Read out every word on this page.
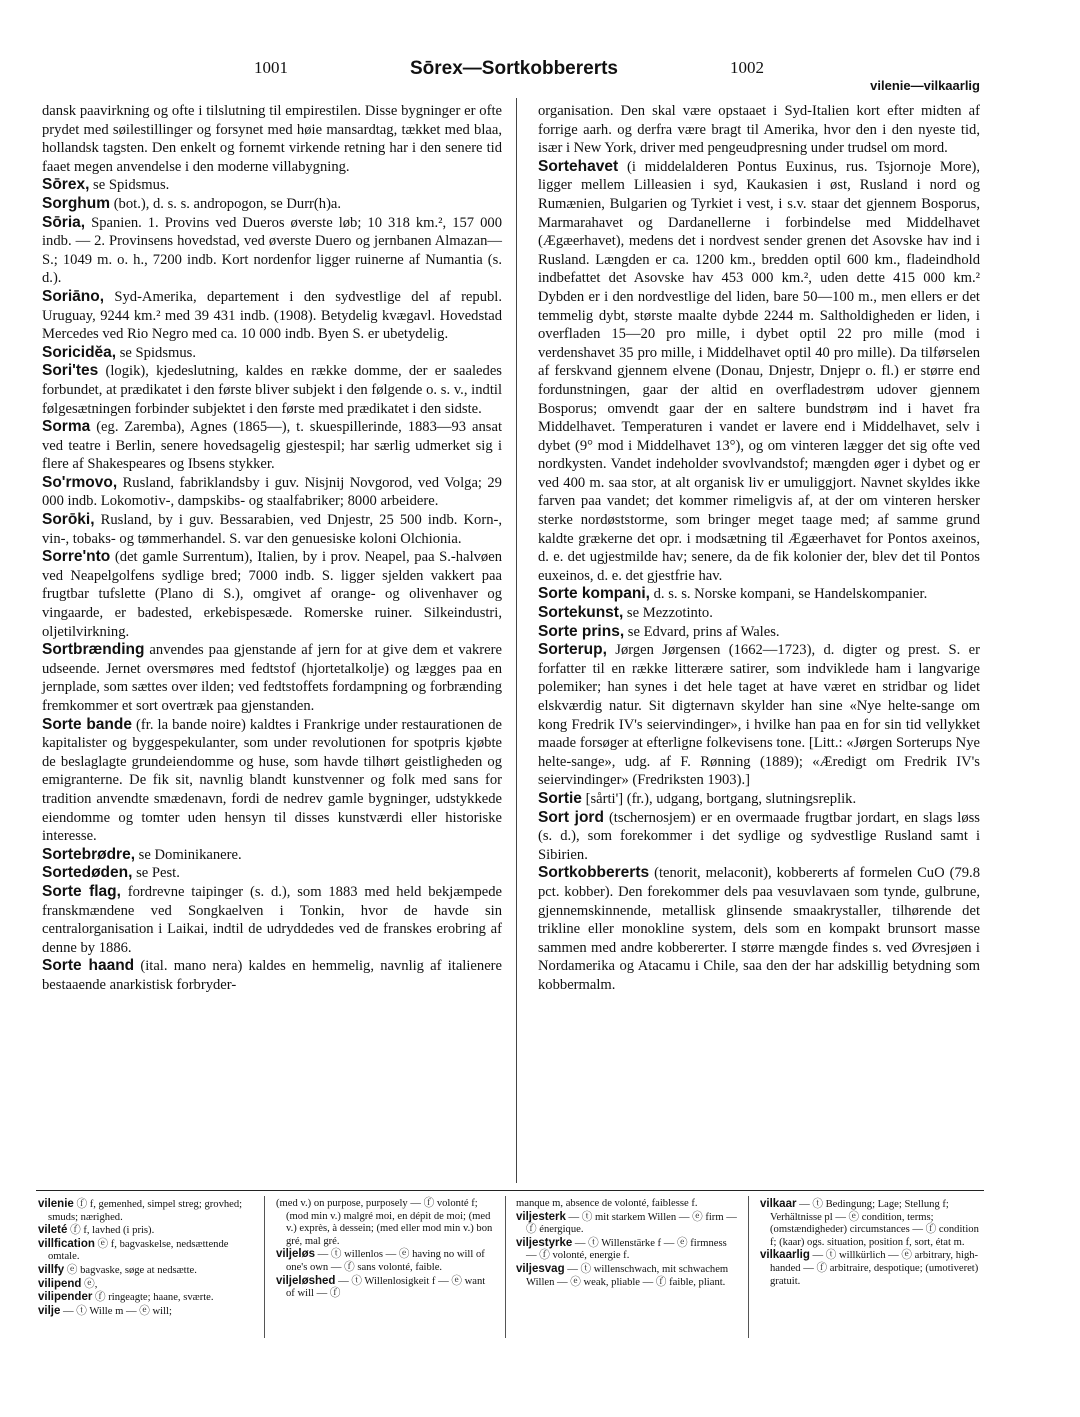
1001	Sōrex—Sortkobbererts	1002
vilenie—vilkaarlig

dansk paavirkning og ofte i tilslutning til empirestilen. Disse bygninger er ofte prydet med søilestillinger og forsynet med høie mansardtag, tækket med blaa, hollandsk tagsten. Den enkelt og fornemt virkende retning har i den senere tid faaet megen anvendelse i den moderne villabygning.

Sōrex, se Spidsmus.

Sorghum (bot.), d. s. s. andropogon, se Durr(h)a.

Sōria, Spanien. 1. Provins ved Dueros øverste løb; 10 318 km.², 157 000 indb. — 2. Provinsens hovedstad, ved øverste Duero og jernbanen Almazan—S.; 1049 m. o. h., 7200 indb. Kort nordenfor ligger ruinerne af Numantia (s. d.).

Soriāno, Syd-Amerika, departement i den sydvestlige del af republ. Uruguay, 9244 km.² med 39 431 indb. (1908). Betydelig kvægavl. Hovedstad Mercedes ved Rio Negro med ca. 10 000 indb. Byen S. er ubetydelig.

Soricidĕa, se Spidsmus.

Sori'tes (logik), kjedeslutning, kaldes en række domme, der er saaledes forbundet, at prædikatet i den første bliver subjekt i den følgende o. s. v., indtil følgesætningen forbinder subjektet i den første med prædikatet i den sidste.

Sorma (eg. Zaremba), Agnes (1865—), t. skuespillerinde, 1883—93 ansat ved teatre i Berlin, senere hovedsagelig gjestespil; har særlig udmerket sig i flere af Shakespeares og Ibsens stykker.

So'rmovo, Rusland, fabriklandsby i guv. Nisjnij Novgorod, ved Volga; 29 000 indb. Lokomotiv-, dampskibs- og staalfabriker; 8000 arbeidere.

Sorōki, Rusland, by i guv. Bessarabien, ved Dnjestr, 25 500 indb. Korn-, vin-, tobaks- og tømmerhandel. S. var den genuesiske koloni Olchionia.

Sorre'nto (det gamle Surrentum), Italien, by i prov. Neapel, paa S.-halvøen ved Neapelgolfens sydlige bred; 7000 indb. S. ligger sjelden vakkert paa frugtbar tufslette (Plano di S.), omgivet af orange- og olivenhaver og vingaarde, er badested, erkebispesæde. Romerske ruiner. Silkeindustri, oljetilvirkning.

Sortbrænding anvendes paa gjenstande af jern for at give dem et vakrere udseende. Jernet oversmøres med fedtstof (hjortetalkolje) og lægges paa en jernplade, som sættes over ilden; ved fedtstoffets fordampning og forbrænding fremkommer et sort overtræk paa gjenstanden.

Sorte bande (fr. la bande noire) kaldtes i Frankrige under restaurationen de kapitalister og byggespekulanter, som under revolutionen for spotpris kjøbte de beslaglagte grundeiendomme og huse, som havde tilhørt geistligheden og emigranterne. De fik sit, navnlig blandt kunstvenner og folk med sans for tradition anvendte smædenavn, fordi de nedrev gamle bygninger, udstykkede eiendomme og tomter uden hensyn til disses kunstværdi eller historiske interesse.

Sortebrødre, se Dominikanere.

Sortedøden, se Pest.

Sorte flag, fordrevne taipinger (s. d.), som 1883 med held bekjæmpede franskmændene ved Songkaelven i Tonkin, hvor de havde sin centralorganisation i Laikai, indtil de udryddedes ved de franskes erobring af denne by 1886.

Sorte haand (ital. mano nera) kaldes en hemmelig, navnlig af italienere bestaaende anarkistisk forbryder-

organisation. Den skal være opstaaet i Syd-Italien kort efter midten af forrige aarh. og derfra være bragt til Amerika, hvor den i den nyeste tid, især i New York, driver med pengeudpresning under trudsel om mord.

Sortehavet (i middelalderen Pontus Euxinus, rus. Tsjornoje More), ligger mellem Lilleasien i syd, Kaukasien i øst, Rusland i nord og Rumænien, Bulgarien og Tyrkiet i vest, i s.v. staar det gjennem Bosporus, Marmarahavet og Dardanellerne i forbindelse med Middelhavet (Ægæerhavet), medens det i nordvest sender grenen det Asovske hav ind i Rusland. Længden er ca. 1200 km., bredden optil 600 km., fladeindhold indbefattet det Asovske hav 453 000 km.², uden dette 415 000 km.² Dybden er i den nordvestlige del liden, bare 50—100 m., men ellers er det temmelig dybt, største maalte dybde 2244 m. Saltholdigheden er liden, i overfladen 15—20 pro mille, i dybet optil 22 pro mille (mod i verdenshavet 35 pro mille, i Middelhavet optil 40 pro mille). Da tilførselen af ferskvand gjennem elvene (Donau, Dnjestr, Dnjepr o. fl.) er større end fordunstningen, gaar der altid en overfladestrøm udover gjennem Bosporus; omvendt gaar der en saltere bundstrøm ind i havet fra Middelhavet. Temperaturen i vandet er lavere end i Middelhavet, selv i dybet (9° mod i Middelhavet 13°), og om vinteren lægger det sig ofte ved nordkysten. Vandet indeholder svovlvandstof; mængden øger i dybet og er ved 400 m. saa stor, at alt organisk liv er umuliggjort. Navnet skyldes ikke farven paa vandet; det kommer rimeligvis af, at der om vinteren hersker sterke nordøststorme, som bringer meget taage med; af samme grund kaldte grækerne det opr. i modsætning til Ægæerhavet for Pontos axeinos, d. e. det ugjestmilde hav; senere, da de fik kolonier der, blev det til Pontos euxeinos, d. e. det gjestfrie hav.

Sorte kompani, d. s. s. Norske kompani, se Handelskompanier.

Sortekunst, se Mezzotinto.

Sorte prins, se Edvard, prins af Wales.

Sorterup, Jørgen Jørgensen (1662—1723), d. digter og prest. S. er forfatter til en række litterære satirer, som indviklede ham i langvarige polemiker; han synes i det hele taget at have været en stridbar og lidet elskværdig natur. Sit digternavn skylder han sine «Nye helte-sange om kong Fredrik IV's seiervindinger», i hvilke han paa en for sin tid vellykket maade forsøger at efterligne folkevisens tone. [Litt.: «Jørgen Sorterups Nye helte-sange», udg. af F. Rønning (1889); «Æredigt om Fredrik IV's seiervindinger» (Fredriksten 1903).]

Sortie [sårti'] (fr.), udgang, bortgang, slutningsreplik.

Sort jord (tschernosjem) er en overmaade frugtbar jordart, en slags løss (s. d.), som forekommer i det sydlige og sydvestlige Rusland samt i Sibirien.

Sortkobbererts (tenorit, melaconit), kobbererts af formelen CuO (79.8 pct. kobber). Den forekommer dels paa vesuvlavaen som tynde, gulbrune, gjennemskinnende, metallisk glinsende smaakrystaller, tilhørende det trikline eller monokline system, dels som en kompakt brunsort masse sammen med andre kobbererter. I større mængde findes s. ved Øvresjøen i Nordamerika og Atacamu i Chile, saa den der har adskillig betydning som kobbermalm.

vilenie ⓕ f, gemenhed, simpel streg; grovhed; smuds; nærighed.

vileté ⓕ f, lavhed (i pris).

villfication ⓔ f, bagvaskelse, nedsættende omtale.

villfy ⓔ bagvaske, søge at nedsætte.

vilipend ⓔ,

vilipender ⓕ ringeagte; haane, sværte.

vilje — ⓣ Wille m — ⓔ will;

(med v.) on purpose, purposely — ⓕ volonté f; (mod min v.) malgré moi, en dépit de moi; (med v.) exprès, à dessein; (med eller mod min v.) bon gré, mal gré.

viljeløs — ⓣ willenlos — ⓔ having no will of one's own — ⓕ sans volonté, faible.

viljeløshed — ⓣ Willenlosigkeit f — ⓔ want of will — ⓕ

manque m, absence de volonté, faiblesse f.

viljesterk — ⓣ mit starkem Willen — ⓔ firm — ⓕ énergique.

viljestyrke — ⓣ Willenstärke f — ⓔ firmness — ⓕ volonté, energie f.

viljesvag — ⓣ willenschwach, mit schwachem Willen — ⓔ weak, pliable — ⓕ faible, pliant.

vilkaar — ⓣ Bedingung; Lage; Stellung f; Verhältnisse pl — ⓔ condition, terms; (omstændigheder) circumstances — ⓕ condition f; (kaar) ogs. situation, position f, sort, état m.

vilkaarlig — ⓣ willkürlich — ⓔ arbitrary, high-handed — ⓕ arbitraire, despotique; (umotiveret) gratuit.
